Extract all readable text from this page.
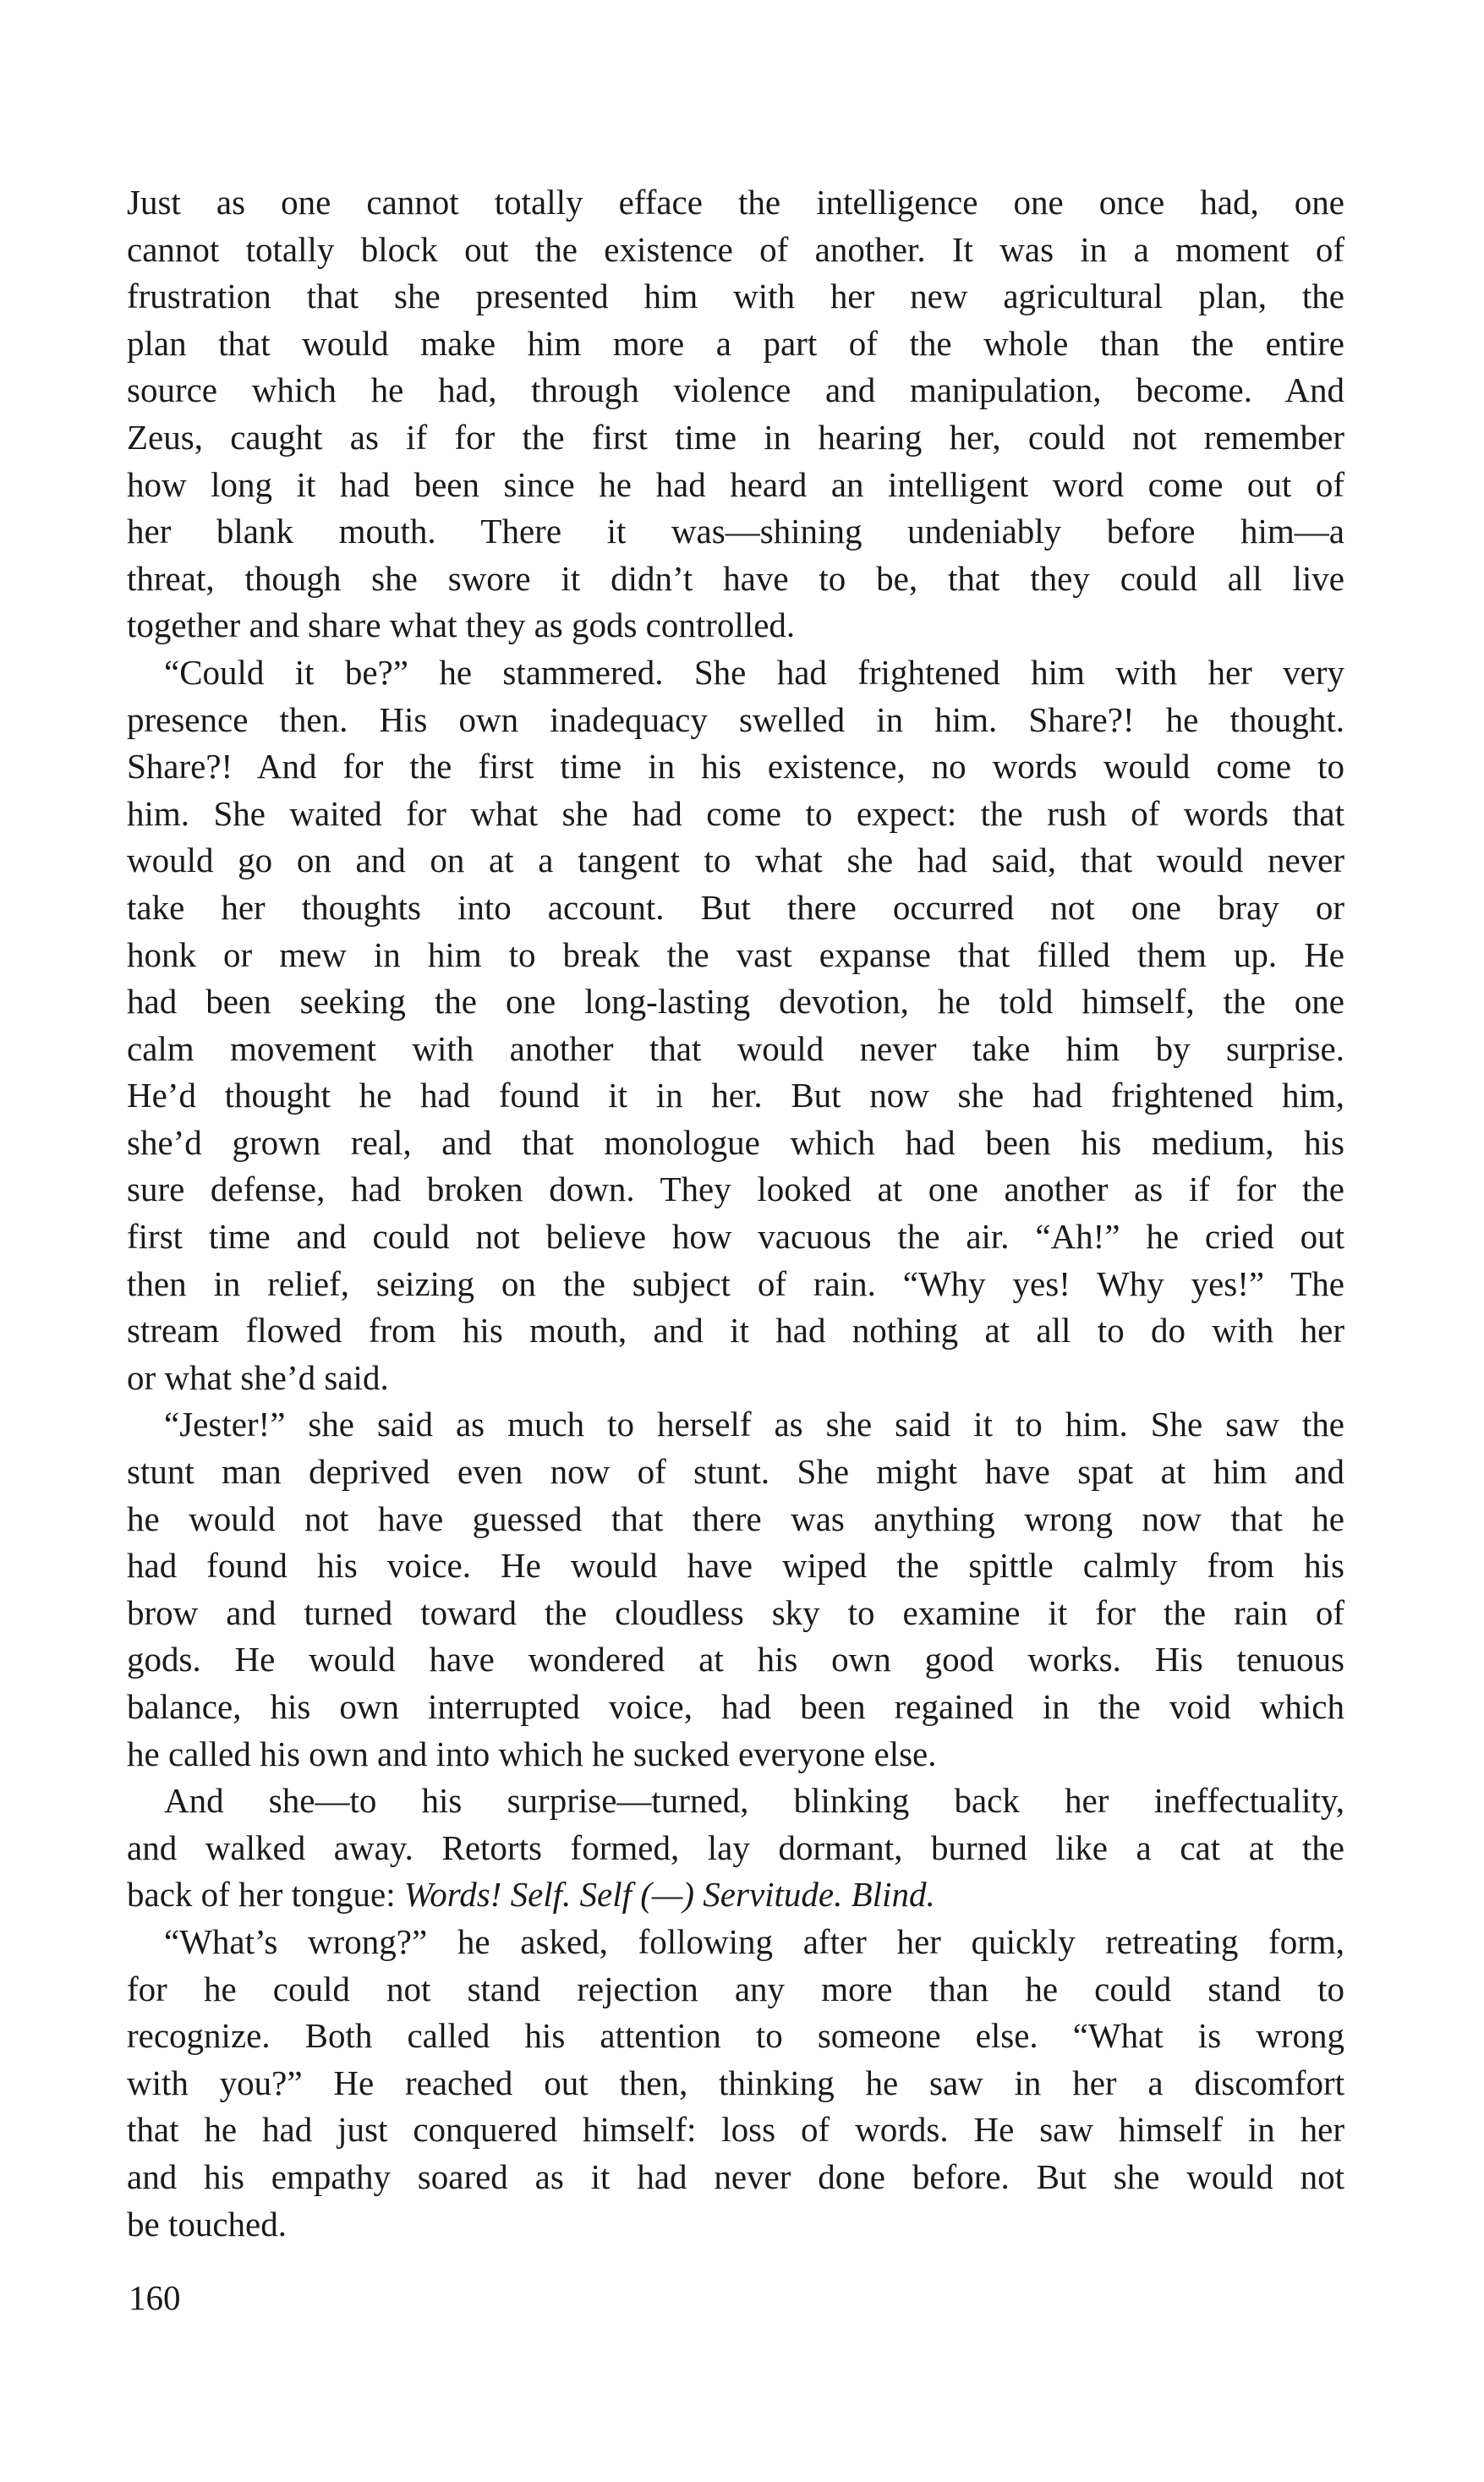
Just as one cannot totally efface the intelligence one once had, one
cannot totally block out the existence of another. It was in a moment of
frustration that she presented him with her new agricultural plan, the
plan that would make him more a part of the whole than the entire
source which he had, through violence and manipulation, become. And
Zeus, caught as if for the first time in hearing her, could not remember
how long it had been since he had heard an intelligent word come out of
her blank mouth. There it was—shining undeniably before him—a
threat, though she swore it didn’t have to be, that they could all live
together and share what they as gods controlled.
“Could it be?” he stammered. She had frightened him with her very
presence then. His own inadequacy swelled in him. Share?! he thought.
Share?! And for the first time in his existence, no words would come to
him. She waited for what she had come to expect: the rush of words that
would go on and on at a tangent to what she had said, that would never
take her thoughts into account. But there occurred not one bray or
honk or mew in him to break the vast expanse that filled them up. He
had been seeking the one long-lasting devotion, he told himself, the one
calm movement with another that would never take him by surprise.
He’d thought he had found it in her. But now she had frightened him,
she’d grown real, and that monologue which had been his medium, his
sure defense, had broken down. They looked at one another as if for the
first time and could not believe how vacuous the air. “Ah!” he cried out
then in relief, seizing on the subject of rain. “Why yes! Why yes!” The
stream flowed from his mouth, and it had nothing at all to do with her
or what she’d said.
“Jester!” she said as much to herself as she said it to him. She saw the
stunt man deprived even now of stunt. She might have spat at him and
he would not have guessed that there was anything wrong now that he
had found his voice. He would have wiped the spittle calmly from his
brow and turned toward the cloudless sky to examine it for the rain of
gods. He would have wondered at his own good works. His tenuous
balance, his own interrupted voice, had been regained in the void which
he called his own and into which he sucked everyone else.
And she—to his surprise—turned, blinking back her ineffectuality,
and walked away. Retorts formed, lay dormant, burned like a cat at the
back of her tongue: Words! Self. Self (—) Servitude. Blind.
“What’s wrong?” he asked, following after her quickly retreating form,
for he could not stand rejection any more than he could stand to
recognize. Both called his attention to someone else. “What is wrong
with you?” He reached out then, thinking he saw in her a discomfort
that he had just conquered himself: loss of words. He saw himself in her
and his empathy soared as it had never done before. But she would not
be touched.

160
